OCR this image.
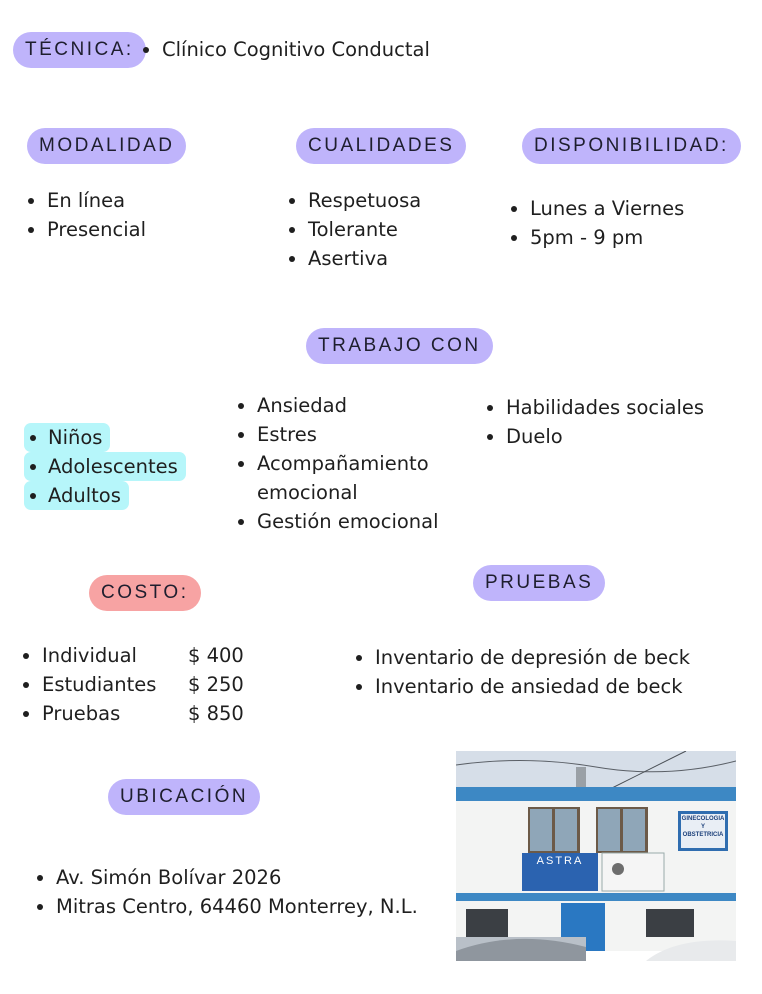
TÉCNICA:	Clínico Cognitivo Conductal
MODALIDAD
En línea
Presencial
CUALIDADES
Respetuosa
Tolerante
Asertiva
DISPONIBILIDAD:
Lunes a Viernes
5pm - 9 pm
TRABAJO CON
Niños
Adolescentes
Adultos
Ansiedad
Estres
Acompañamiento emocional
Gestión emocional
Habilidades sociales
Duelo
COSTO:
Individual	$ 400
Estudiantes	$ 250
Pruebas	$ 850
PRUEBAS
Inventario de depresión de beck
Inventario de ansiedad de beck
UBICACIÓN
Av. Simón Bolívar 2026
Mitras Centro, 64460 Monterrey, N.L.
ASTRA
GINECOLOGIA
Y
OBSTETRICIA
